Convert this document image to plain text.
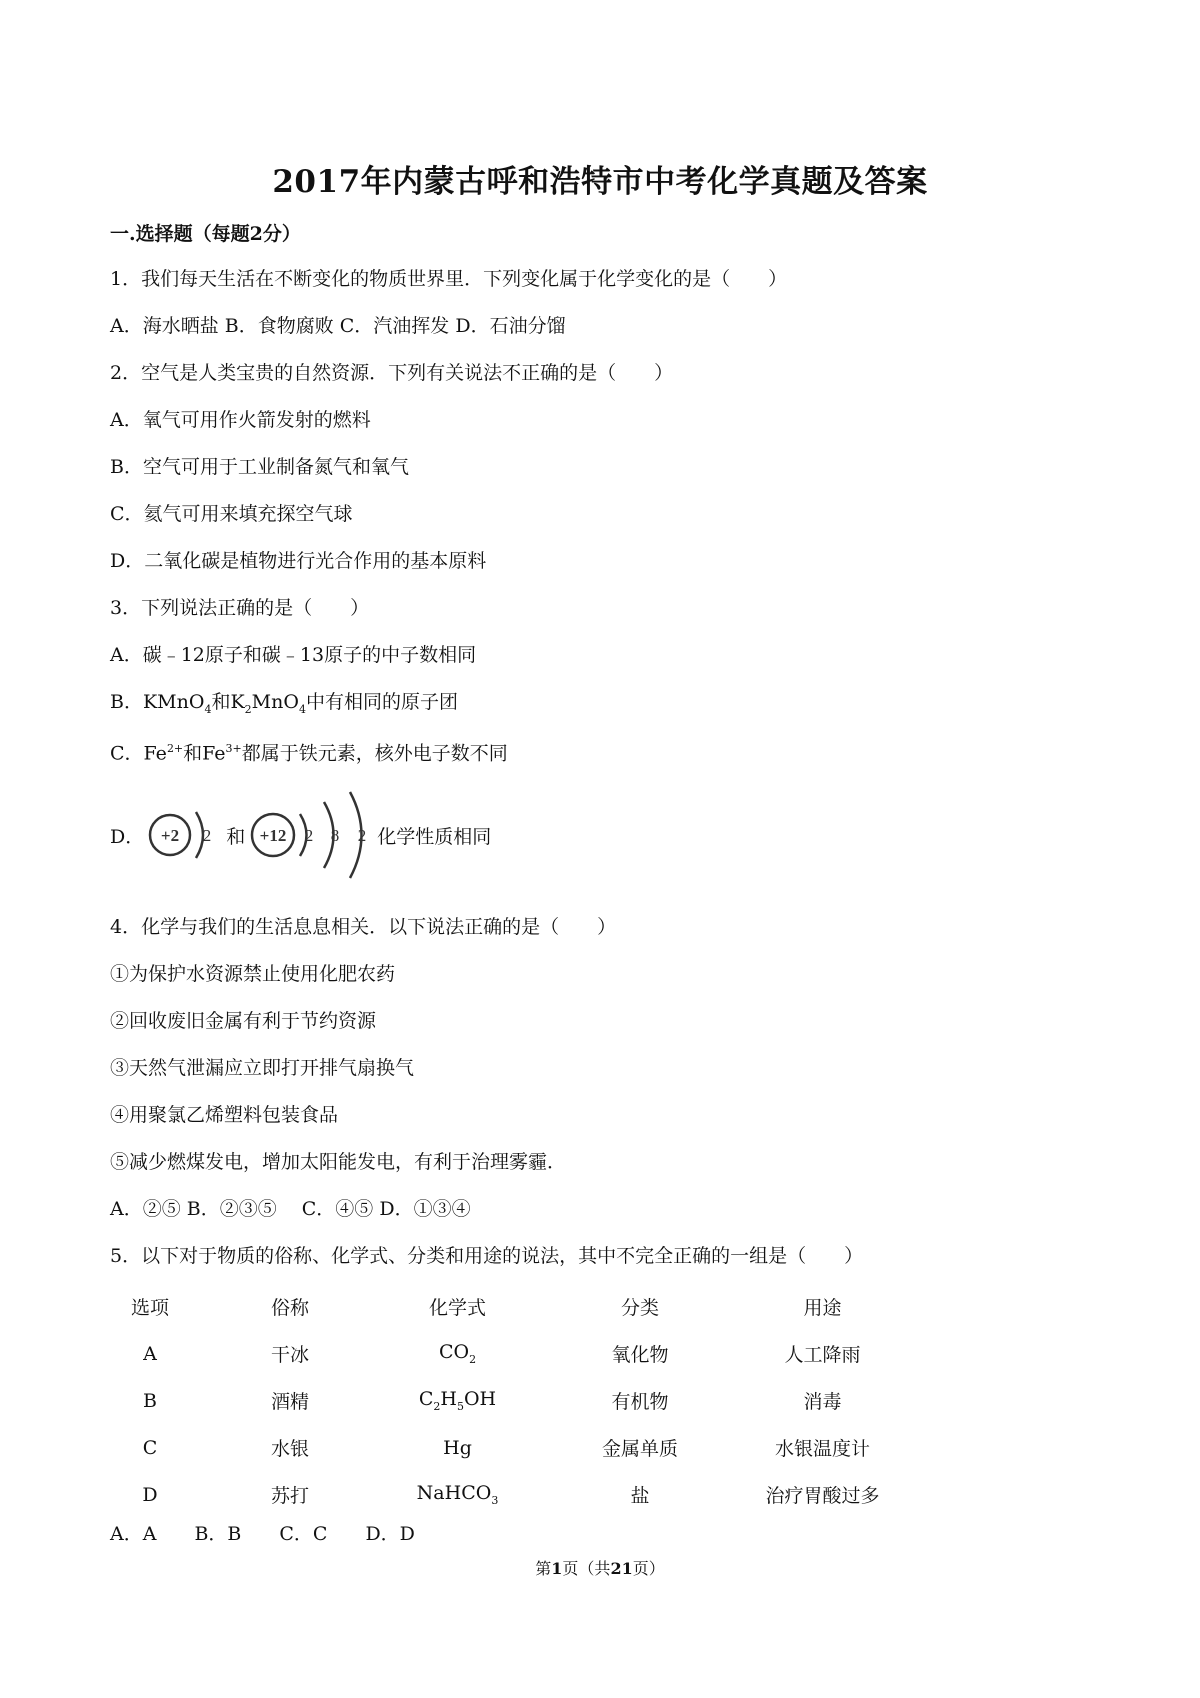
2017年内蒙古呼和浩特市中考化学真题及答案
一.选择题（每题2分）
1．我们每天生活在不断变化的物质世界里．下列变化属于化学变化的是（　　）
A．海水晒盐 B．食物腐败 C．汽油挥发 D．石油分馏
2．空气是人类宝贵的自然资源．下列有关说法不正确的是（　　）
A．氧气可用作火箭发射的燃料
B．空气可用于工业制备氮气和氧气
C．氦气可用来填充探空气球
D．二氧化碳是植物进行光合作用的基本原料
3．下列说法正确的是（　　）
A．碳﹣12原子和碳﹣13原子的中子数相同
B．KMnO$_4$和$K_2MnO_4$中有相同的原子团
C．$Fe^{2+}$和$Fe^{3+}$都属于铁元素，核外电子数不同
D． +2 2 和 +12 2 8 2 化学性质相同
4．化学与我们的生活息息相关．以下说法正确的是（　　）
①为保护水资源禁止使用化肥农药
②回收废旧金属有利于节约资源
③天然气泄漏应立即打开排气扇换气
④用聚氯乙烯塑料包装食品
⑤减少燃煤发电，增加太阳能发电，有利于治理雾霾．
A．②⑤ B．②③⑤　 C．④⑤ D．①③④
5．以下对于物质的俗称、化学式、分类和用途的说法，其中不完全正确的一组是（　　）
选项	俗称	化学式	分类	用途
A	干冰	$CO_2$	氧化物	人工降雨
B	酒精	$C_2H_5OH$	有机物	消毒
C	水银	Hg	金属单质	水银温度计
D	苏打	NaHCO$_3$	盐	治疗胃酸过多
A．A　　B．B　　C．C　　D．D
第1页（共21页）
